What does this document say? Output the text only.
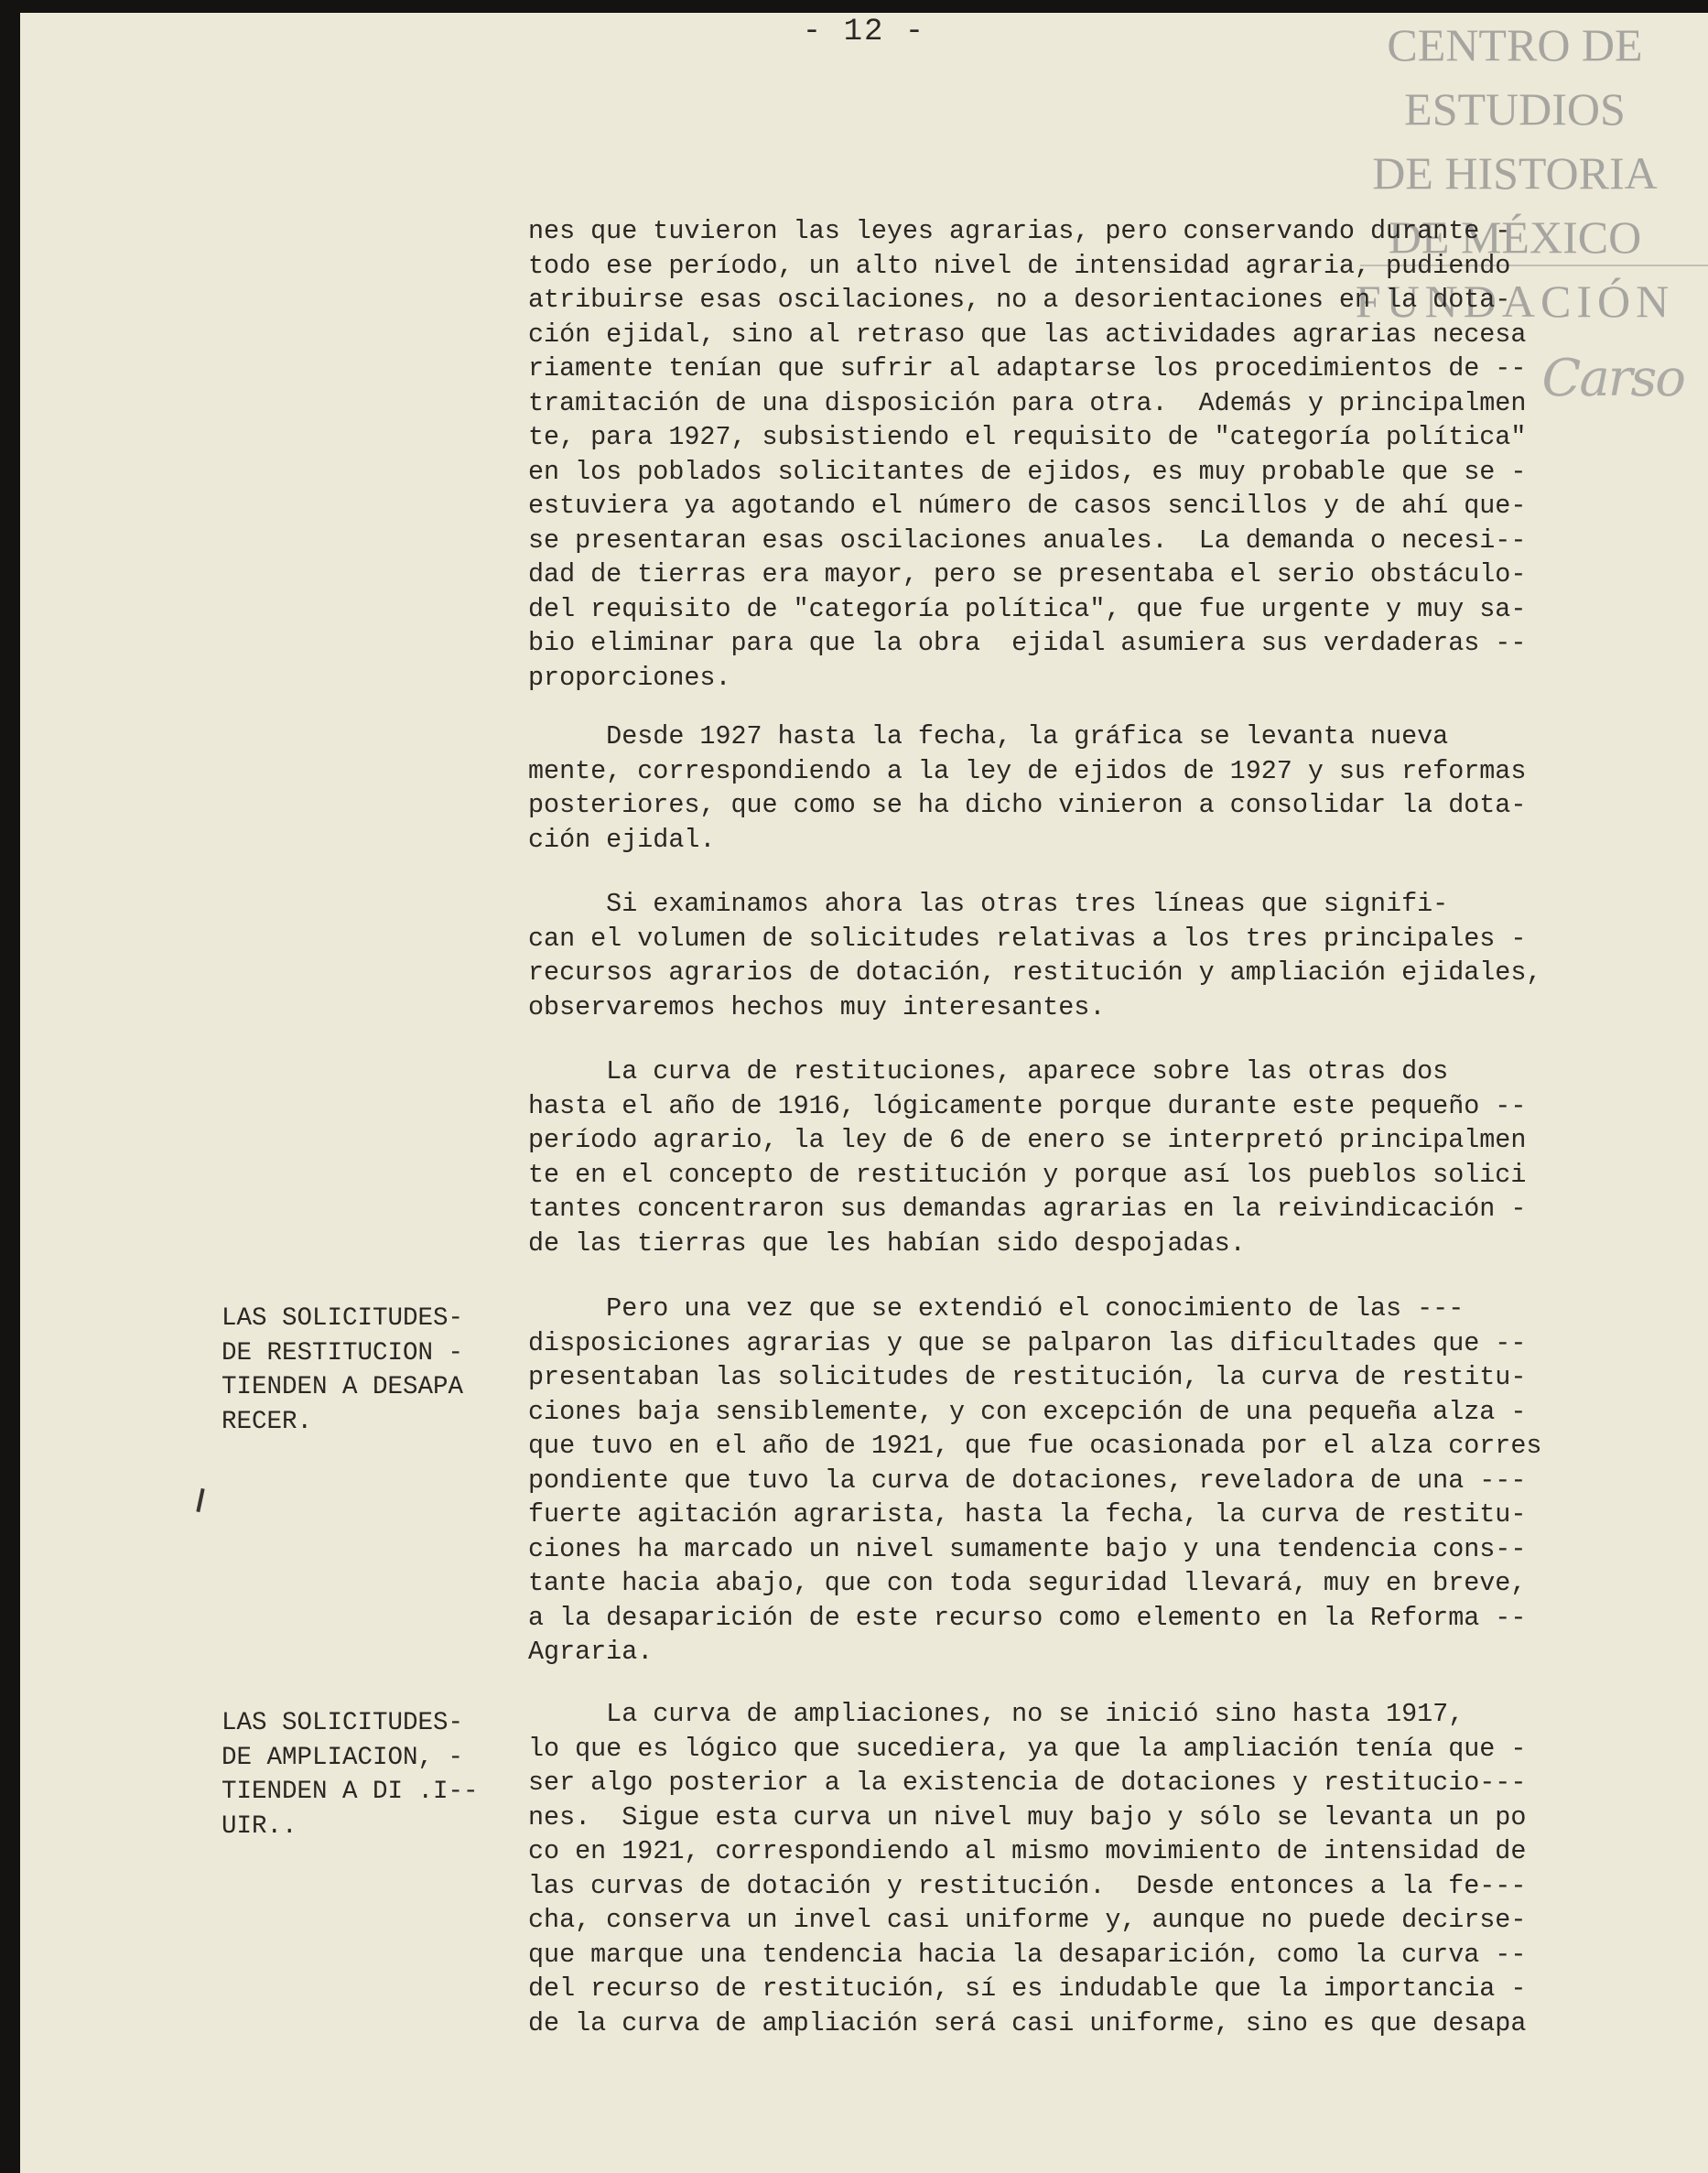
- 12 -	CENTRO DE
ESTUDIOS
DE HISTORIA
DE MÉXICO
FUNDACIÓN
Carso
nes que tuvieron las leyes agrarias, pero conservando durante -
todo ese período, un alto nivel de intensidad agraria, pudiendo
atribuirse esas oscilaciones, no a desorientaciones en la dota-
ción ejidal, sino al retraso que las actividades agrarias necesa
riamente tenían que sufrir al adaptarse los procedimientos de --
tramitación de una disposición para otra.  Además y principalmen
te, para 1927, subsistiendo el requisito de "categoría política"
en los poblados solicitantes de ejidos, es muy probable que se -
estuviera ya agotando el número de casos sencillos y de ahí que-
se presentaran esas oscilaciones anuales.  La demanda o necesi--
dad de tierras era mayor, pero se presentaba el serio obstáculo-
del requisito de "categoría política", que fue urgente y muy sa-
bio eliminar para que la obra  ejidal asumiera sus verdaderas --
proporciones.
Desde 1927 hasta la fecha, la gráfica se levanta nueva
mente, correspondiendo a la ley de ejidos de 1927 y sus reformas
posteriores, que como se ha dicho vinieron a consolidar la dota-
ción ejidal.
Si examinamos ahora las otras tres líneas que signifi-
can el volumen de solicitudes relativas a los tres principales -
recursos agrarios de dotación, restitución y ampliación ejidales,
observaremos hechos muy interesantes.
La curva de restituciones, aparece sobre las otras dos
hasta el año de 1916, lógicamente porque durante este pequeño --
período agrario, la ley de 6 de enero se interpretó principalmen
te en el concepto de restitución y porque así los pueblos solici
tantes concentraron sus demandas agrarias en la reivindicación -
de las tierras que les habían sido despojadas.
Pero una vez que se extendió el conocimiento de las ---
disposiciones agrarias y que se palparon las dificultades que --
presentaban las solicitudes de restitución, la curva de restitu-
ciones baja sensiblemente, y con excepción de una pequeña alza -
que tuvo en el año de 1921, que fue ocasionada por el alza corres
pondiente que tuvo la curva de dotaciones, reveladora de una ---
fuerte agitación agrarista, hasta la fecha, la curva de restitu-
ciones ha marcado un nivel sumamente bajo y una tendencia cons--
tante hacia abajo, que con toda seguridad llevará, muy en breve,
a la desaparición de este recurso como elemento en la Reforma --
Agraria.
La curva de ampliaciones, no se inició sino hasta 1917,
lo que es lógico que sucediera, ya que la ampliación tenía que -
ser algo posterior a la existencia de dotaciones y restitucio---
nes.  Sigue esta curva un nivel muy bajo y sólo se levanta un po
co en 1921, correspondiendo al mismo movimiento de intensidad de
las curvas de dotación y restitución.  Desde entonces a la fe---
cha, conserva un invel casi uniforme y, aunque no puede decirse-
que marque una tendencia hacia la desaparición, como la curva --
del recurso de restitución, sí es indudable que la importancia -
de la curva de ampliación será casi uniforme, sino es que desapa
LAS SOLICITUDES-
DE RESTITUCION -
TIENDEN A DESAPA
RECER.
LAS SOLICITUDES-
DE AMPLIACION, -
TIENDEN A DI .I--
UIR..
